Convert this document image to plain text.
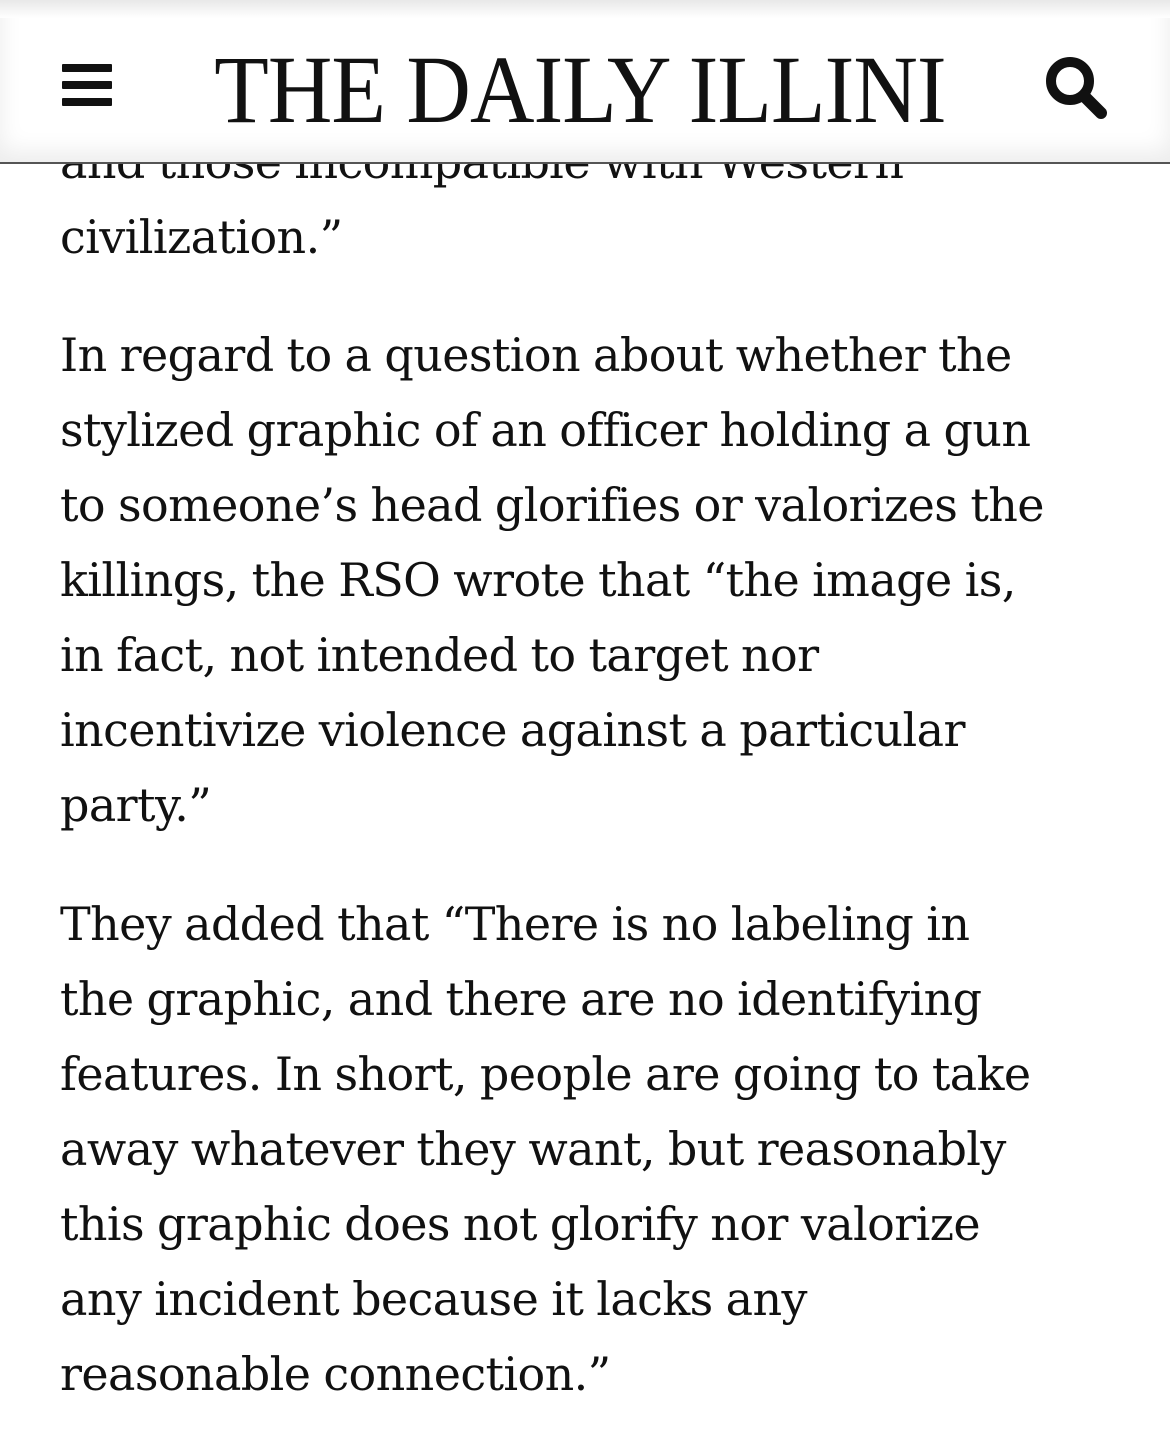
civilization.”

In regard to a question about whether the
stylized graphic of an officer holding a gun
to someone’s head glorifies or valorizes the
killings, the RSO wrote that “the image is,
in fact, not intended to target nor
incentivize violence against a particular
party.”

They added that “There is no labeling in
the graphic, and there are no identifying
features. In short, people are going to take
away whatever they want, but reasonably
this graphic does not glorify nor valorize
any incident because it lacks any
reasonable connection.”

THE DAILY ILLINI
